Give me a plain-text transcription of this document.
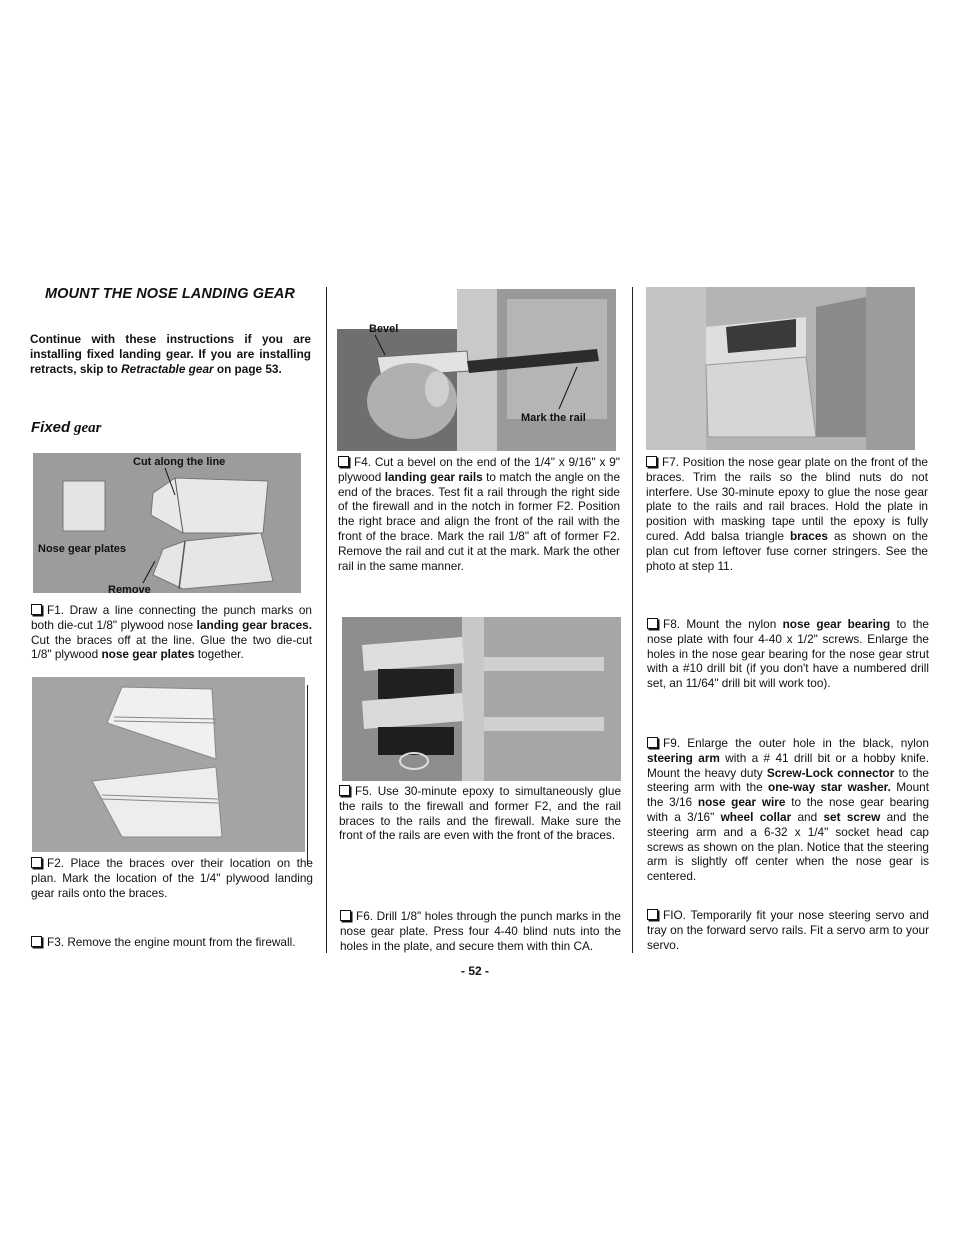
MOUNT THE NOSE LANDING GEAR
Continue with these instructions if you are installing fixed landing gear. If you are installing retracts, skip to Retractable gear on page 53.
Fixed gear
Cut along the line
Nose gear plates
Remove
F1. Draw a line connecting the punch marks on both die-cut 1/8" plywood nose landing gear braces. Cut the braces off at the line. Glue the two die-cut 1/8" plywood nose gear plates together.
F2. Place the braces over their location on the plan. Mark the location of the 1/4" plywood landing gear rails onto the braces.
F3. Remove the engine mount from the firewall.
Bevel
Mark the rail
F4. Cut a bevel on the end of the 1/4" x 9/16" x 9" plywood landing gear rails to match the angle on the end of the braces. Test fit a rail through the right side of the firewall and in the notch in former F2. Position the right brace and align the front of the rail with the front of the brace. Mark the rail 1/8" aft of former F2. Remove the rail and cut it at the mark. Mark the other rail in the same manner.
F5. Use 30-minute epoxy to simultaneously glue the rails to the firewall and former F2, and the rail braces to the rails and the firewall. Make sure the front of the rails are even with the front of the braces.
F6. Drill 1/8" holes through the punch marks in the nose gear plate. Press four 4-40 blind nuts into the holes in the plate, and secure them with thin CA.
F7. Position the nose gear plate on the front of the braces. Trim the rails so the blind nuts do not interfere. Use 30-minute epoxy to glue the nose gear plate to the rails and rail braces. Hold the plate in position with masking tape until the epoxy is fully cured. Add balsa triangle braces as shown on the plan cut from leftover fuse corner stringers. See the photo at step 11.
F8. Mount the nylon nose gear bearing to the nose plate with four 4-40 x 1/2" screws. Enlarge the holes in the nose gear bearing for the nose gear strut with a #10 drill bit (if you don't have a numbered drill set, an 11/64" drill bit will work too).
F9. Enlarge the outer hole in the black, nylon steering arm with a # 41 drill bit or a hobby knife. Mount the heavy duty Screw-Lock connector to the steering arm with the one-way star washer. Mount the 3/16 nose gear wire to the nose gear bearing with a 3/16" wheel collar and set screw and the steering arm and a 6-32 x 1/4" socket head cap screws as shown on the plan. Notice that the steering arm is slightly off center when the nose gear is centered.
FIO. Temporarily fit your nose steering servo and tray on the forward servo rails. Fit a servo arm to your servo.
- 52 -
